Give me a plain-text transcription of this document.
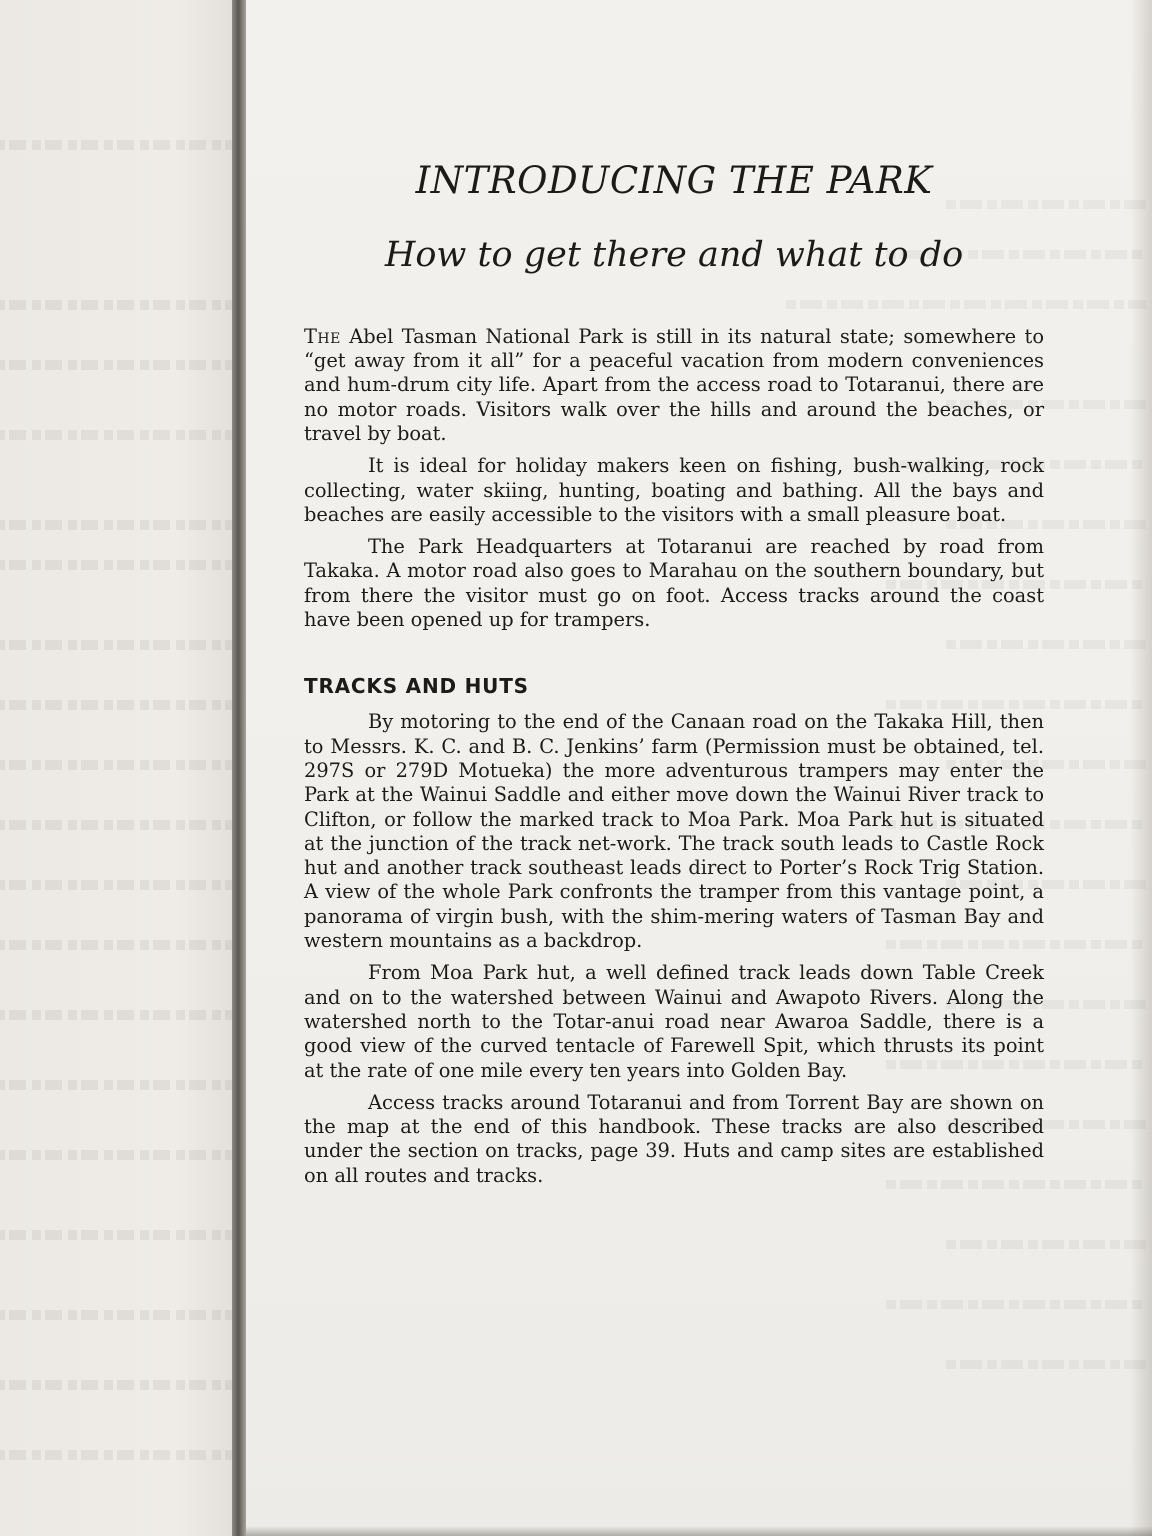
INTRODUCING THE PARK
How to get there and what to do

The Abel Tasman National Park is still in its natural state; somewhere to “get away from it all” for a peaceful vacation from modern conveniences and hum-drum city life. Apart from the access road to Totaranui, there are no motor roads. Visitors walk over the hills and around the beaches, or travel by boat.

It is ideal for holiday makers keen on fishing, bush-walking, rock collecting, water skiing, hunting, boating and bathing. All the bays and beaches are easily accessible to the visitors with a small pleasure boat.

The Park Headquarters at Totaranui are reached by road from Takaka. A motor road also goes to Marahau on the southern boundary, but from there the visitor must go on foot. Access tracks around the coast have been opened up for trampers.

TRACKS AND HUTS

By motoring to the end of the Canaan road on the Takaka Hill, then to Messrs. K. C. and B. C. Jenkins’ farm (Permission must be obtained, tel. 297S or 279D Motueka) the more adventurous trampers may enter the Park at the Wainui Saddle and either move down the Wainui River track to Clifton, or follow the marked track to Moa Park. Moa Park hut is situated at the junction of the track net-work. The track south leads to Castle Rock hut and another track southeast leads direct to Porter’s Rock Trig Station. A view of the whole Park confronts the tramper from this vantage point, a panorama of virgin bush, with the shim-mering waters of Tasman Bay and western mountains as a backdrop.

From Moa Park hut, a well defined track leads down Table Creek and on to the watershed between Wainui and Awapoto Rivers. Along the watershed north to the Totar-anui road near Awaroa Saddle, there is a good view of the curved tentacle of Farewell Spit, which thrusts its point at the rate of one mile every ten years into Golden Bay.

Access tracks around Totaranui and from Torrent Bay are shown on the map at the end of this handbook. These tracks are also described under the section on tracks, page 39. Huts and camp sites are established on all routes and tracks.
